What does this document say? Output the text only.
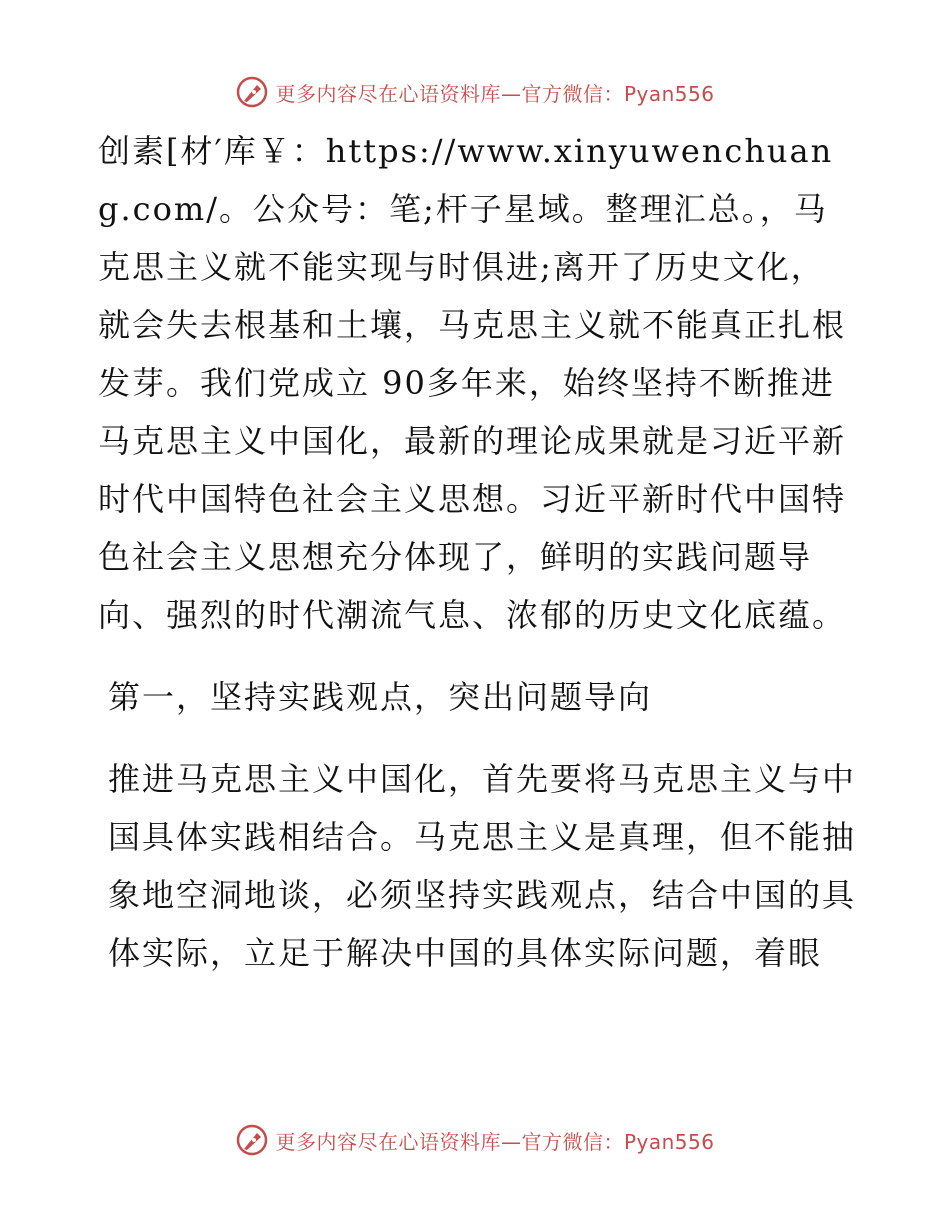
更多内容尽在心语资料库—官方微信：Pyan556

创素[材′库￥：https://www.xinyuwenchuang.com/。公众号：笔;杆子星域。整理汇总。，马克思主义就不能实现与时俱进;离开了历史文化，就会失去根基和土壤，马克思主义就不能真正扎根发芽。我们党成立 90多年来，始终坚持不断推进马克思主义中国化，最新的理论成果就是习近平新时代中国特色社会主义思想。习近平新时代中国特色社会主义思想充分体现了，鲜明的实践问题导向、强烈的时代潮流气息、浓郁的历史文化底蕴。

第一，坚持实践观点，突出问题导向

推进马克思主义中国化，首先要将马克思主义与中国具体实践相结合。马克思主义是真理，但不能抽象地空洞地谈，必须坚持实践观点，结合中国的具体实际，立足于解决中国的具体实际问题，着眼

更多内容尽在心语资料库—官方微信：Pyan556
